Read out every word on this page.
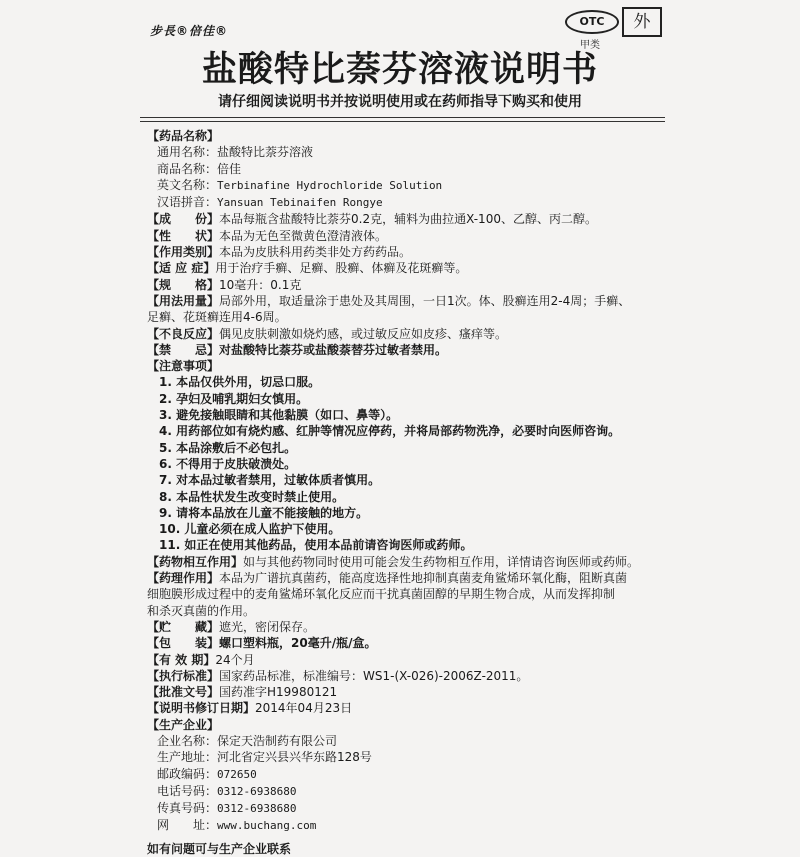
步長®倍佳®
OTC
甲类
外
盐酸特比萘芬溶液说明书
请仔细阅读说明书并按说明使用或在药师指导下购买和使用
【药品名称】
通用名称：盐酸特比萘芬溶液
商品名称：倍佳
英文名称：Terbinafine Hydrochloride Solution
汉语拼音：Yansuan Tebinaifen Rongye
【成　　份】本品每瓶含盐酸特比萘芬0.2克，辅料为曲拉通X-100、乙醇、丙二醇。
【性　　状】本品为无色至微黄色澄清液体。
【作用类别】本品为皮肤科用药类非处方药药品。
【适 应 症】用于治疗手癣、足癣、股癣、体癣及花斑癣等。
【规　　格】10毫升：0.1克
【用法用量】局部外用，取适量涂于患处及其周围，一日1次。体、股癣连用2-4周；手癣、
足癣、花斑癣连用4-6周。
【不良反应】偶见皮肤刺激如烧灼感，或过敏反应如皮疹、瘙痒等。
【禁　　忌】对盐酸特比萘芬或盐酸萘替芬过敏者禁用。
【注意事项】
1. 本品仅供外用，切忌口服。
2. 孕妇及哺乳期妇女慎用。
3. 避免接触眼睛和其他黏膜（如口、鼻等）。
4. 用药部位如有烧灼感、红肿等情况应停药，并将局部药物洗净，必要时向医师咨询。
5. 本品涂敷后不必包扎。
6. 不得用于皮肤破溃处。
7. 对本品过敏者禁用，过敏体质者慎用。
8. 本品性状发生改变时禁止使用。
9. 请将本品放在儿童不能接触的地方。
10. 儿童必须在成人监护下使用。
11. 如正在使用其他药品，使用本品前请咨询医师或药师。
【药物相互作用】如与其他药物同时使用可能会发生药物相互作用，详情请咨询医师或药师。
【药理作用】本品为广谱抗真菌药，能高度选择性地抑制真菌麦角鲨烯环氧化酶，阻断真菌
细胞膜形成过程中的麦角鲨烯环氧化反应而干扰真菌固醇的早期生物合成，从而发挥抑制
和杀灭真菌的作用。
【贮　　藏】遮光，密闭保存。
【包　　装】螺口塑料瓶，20毫升/瓶/盒。
【有 效 期】24个月
【执行标准】国家药品标准，标准编号：WS1-(X-026)-2006Z-2011。
【批准文号】国药准字H19980121
【说明书修订日期】2014年04月23日
【生产企业】
企业名称：保定天浩制药有限公司
生产地址：河北省定兴县兴华东路128号
邮政编码：072650
电话号码：0312-6938680
传真号码：0312-6938680
网　　址：www.buchang.com
如有问题可与生产企业联系
